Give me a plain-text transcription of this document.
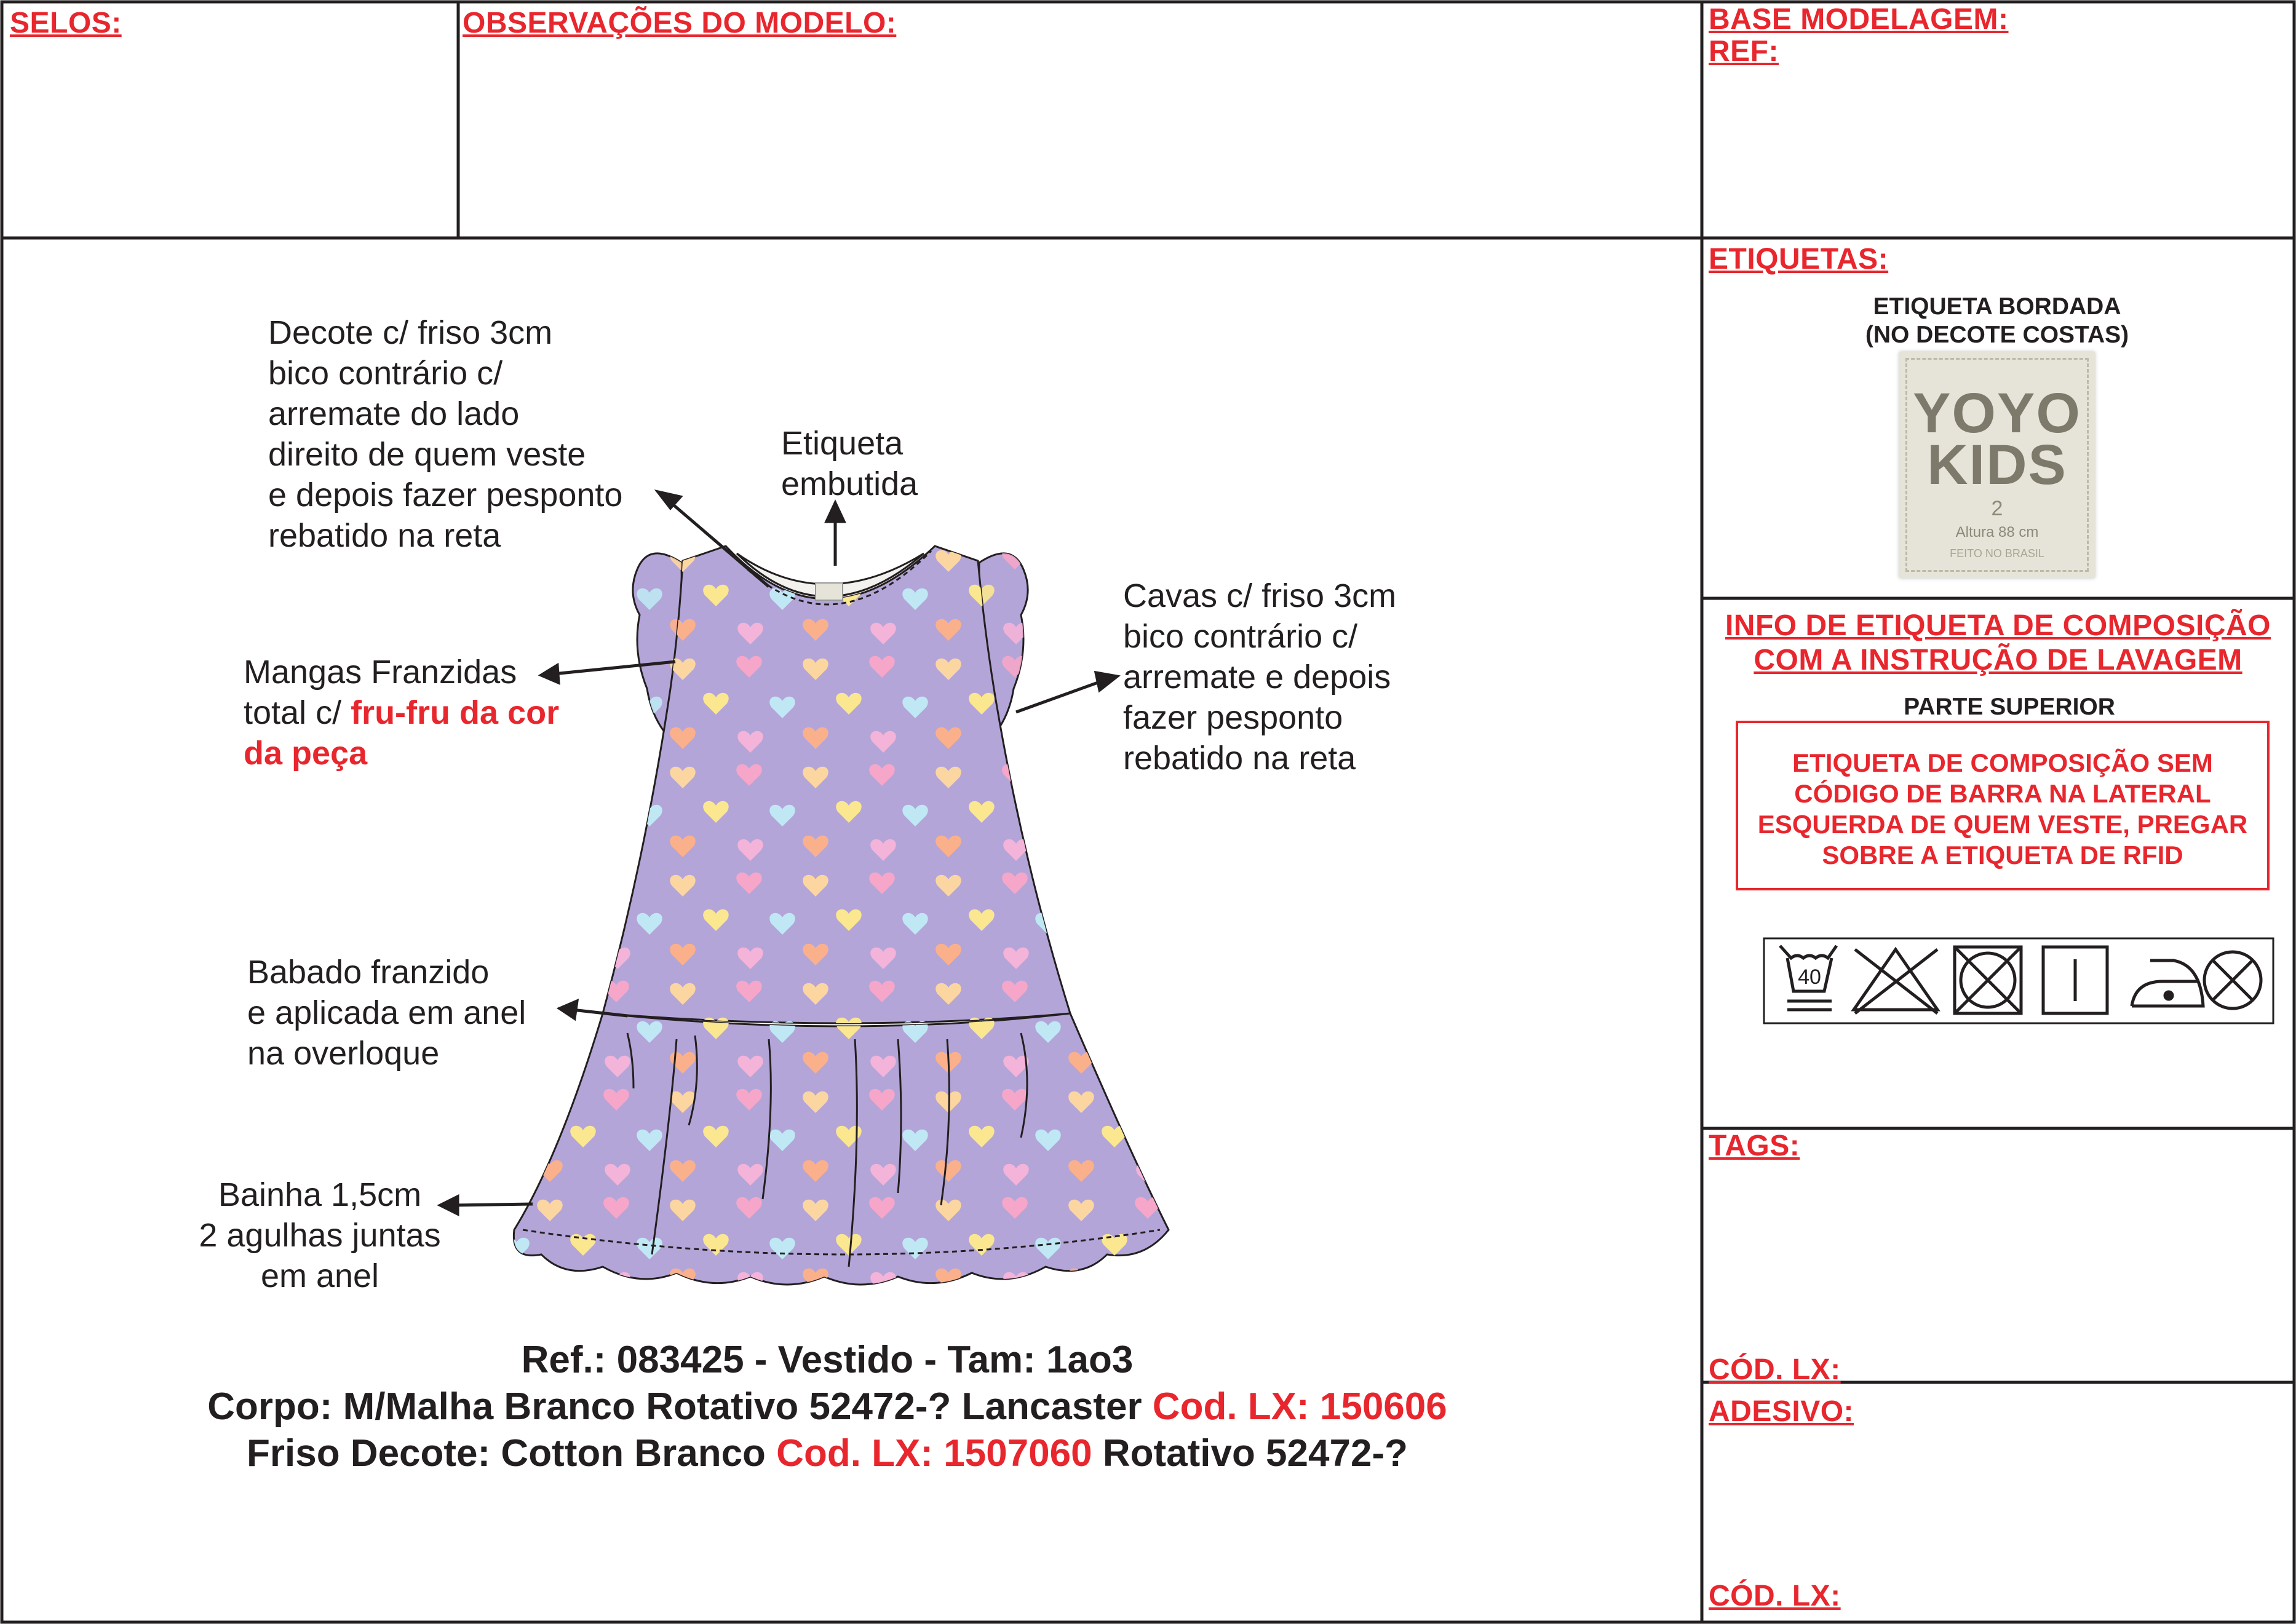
SELOS:	OBSERVAÇÕES DO MODELO:	BASE MODELAGEM:
REF:
ETIQUETAS:
ETIQUETA BORDADA
(NO DECOTE COSTAS)
YOYO
KIDS
2
Altura 88 cm
FEITO NO BRASIL
INFO DE ETIQUETA DE COMPOSIÇÃO
COM A INSTRUÇÃO DE LAVAGEM
PARTE SUPERIOR
ETIQUETA DE COMPOSIÇÃO SEM
CÓDIGO DE BARRA NA LATERAL
ESQUERDA DE QUEM VESTE, PREGAR
SOBRE A ETIQUETA DE RFID
40
TAGS:
CÓD. LX:
ADESIVO:
CÓD. LX:
Decote c/ friso 3cm
bico contrário c/
arremate do lado
direito de quem veste
e depois fazer pesponto
rebatido na reta
Etiqueta
embutida
Cavas c/ friso 3cm
bico contrário c/
arremate e depois
fazer pesponto
rebatido na reta
Mangas Franzidas
total c/ fru-fru da cor
da peça
Babado franzido
e aplicada em anel
na overloque
Bainha 1,5cm
2 agulhas juntas
em anel
Ref.: 083425 - Vestido - Tam: 1ao3
Corpo: M/Malha Branco Rotativo 52472-? Lancaster Cod. LX: 150606
Friso Decote: Cotton Branco Cod. LX: 1507060 Rotativo 52472-?
